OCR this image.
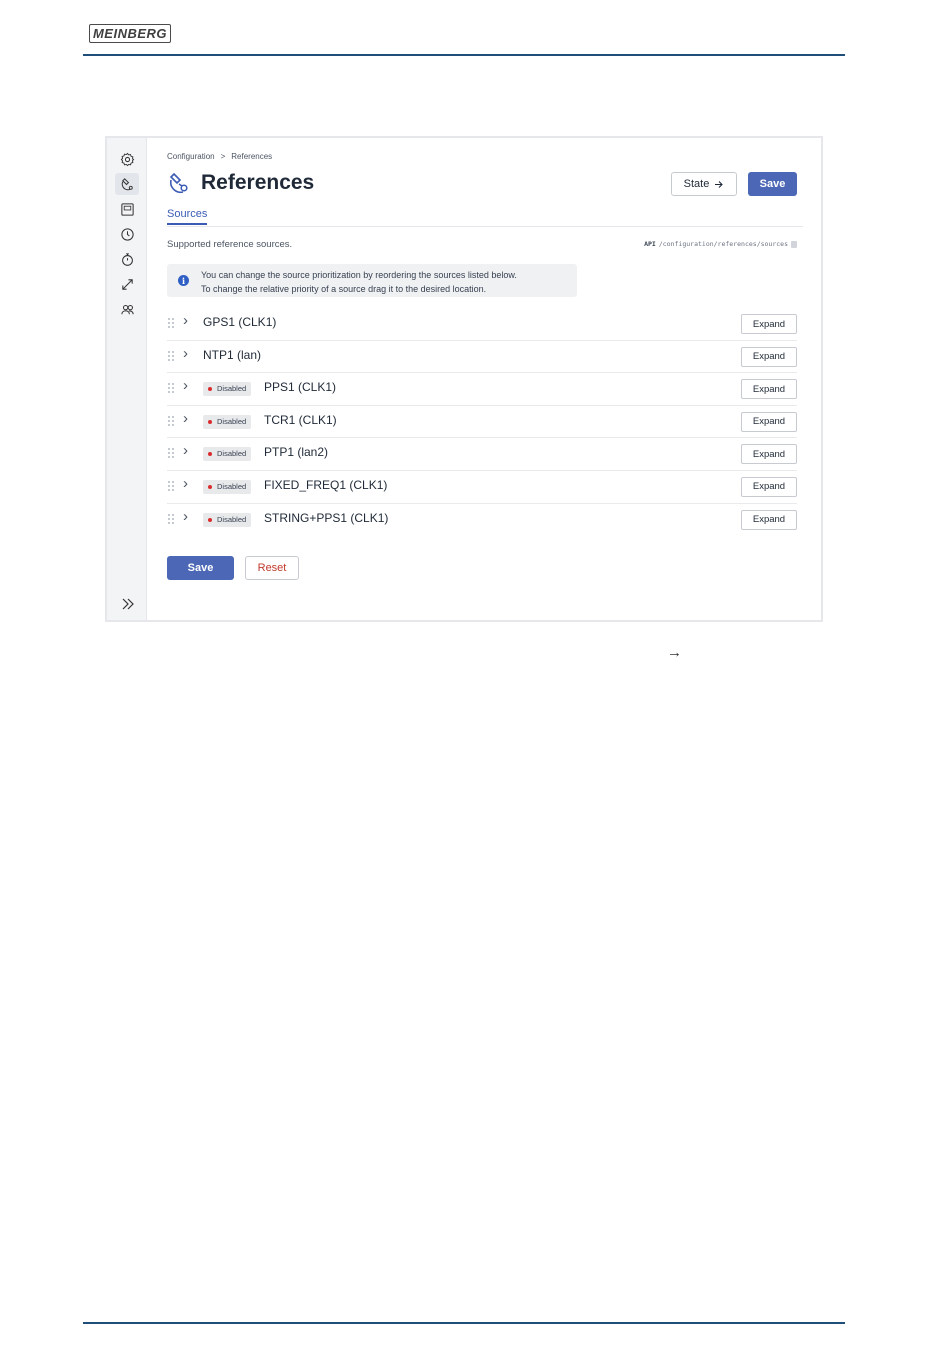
MEINBERG
Configuration > References
References	State	Save
Sources
Supported reference sources.	API /configuration/references/sources
i
You can change the source prioritization by reordering the sources listed below.
To change the relative priority of a source drag it to the desired location.
› GPS1 (CLK1)	Expand
› NTP1 (lan)	Expand
›	Disabled	PPS1 (CLK1)	Expand
›	Disabled	TCR1 (CLK1)	Expand
›	Disabled	PTP1 (lan2)	Expand
›	Disabled	FIXED_FREQ1 (CLK1)	Expand
›	Disabled	STRING+PPS1 (CLK1)	Expand
Save	Reset
→
